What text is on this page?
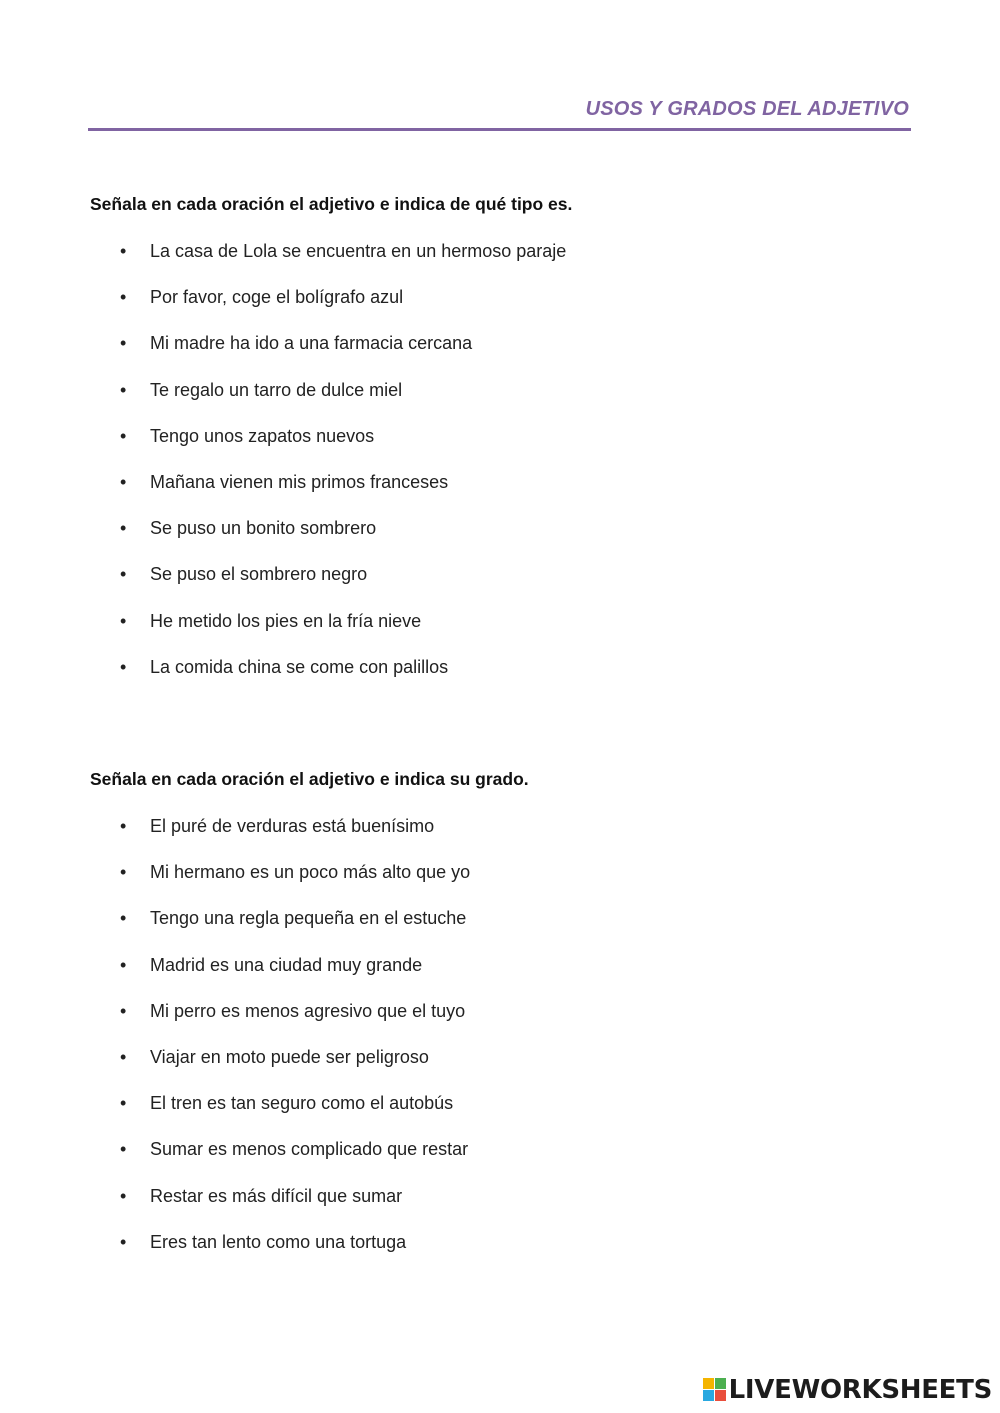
USOS Y GRADOS DEL ADJETIVO
Señala en cada oración el adjetivo e indica de qué tipo es.
• La casa de Lola se encuentra en un hermoso paraje
• Por favor, coge el bolígrafo azul
• Mi madre ha ido a una farmacia cercana
• Te regalo un tarro de dulce miel
• Tengo unos zapatos nuevos
• Mañana vienen mis primos franceses
• Se puso un bonito sombrero
• Se puso el sombrero negro
• He metido los pies en la fría nieve
• La comida china se come con palillos
Señala en cada oración el adjetivo e indica su grado.
• El puré de verduras está buenísimo
• Mi hermano es un poco más alto que yo
• Tengo una regla pequeña en el estuche
• Madrid es una ciudad muy grande
• Mi perro es menos agresivo que el tuyo
• Viajar en moto puede ser peligroso
• El tren es tan seguro como el autobús
• Sumar es menos complicado que restar
• Restar es más difícil que sumar
• Eres tan lento como una tortuga
LIVEWORKSHEETS
